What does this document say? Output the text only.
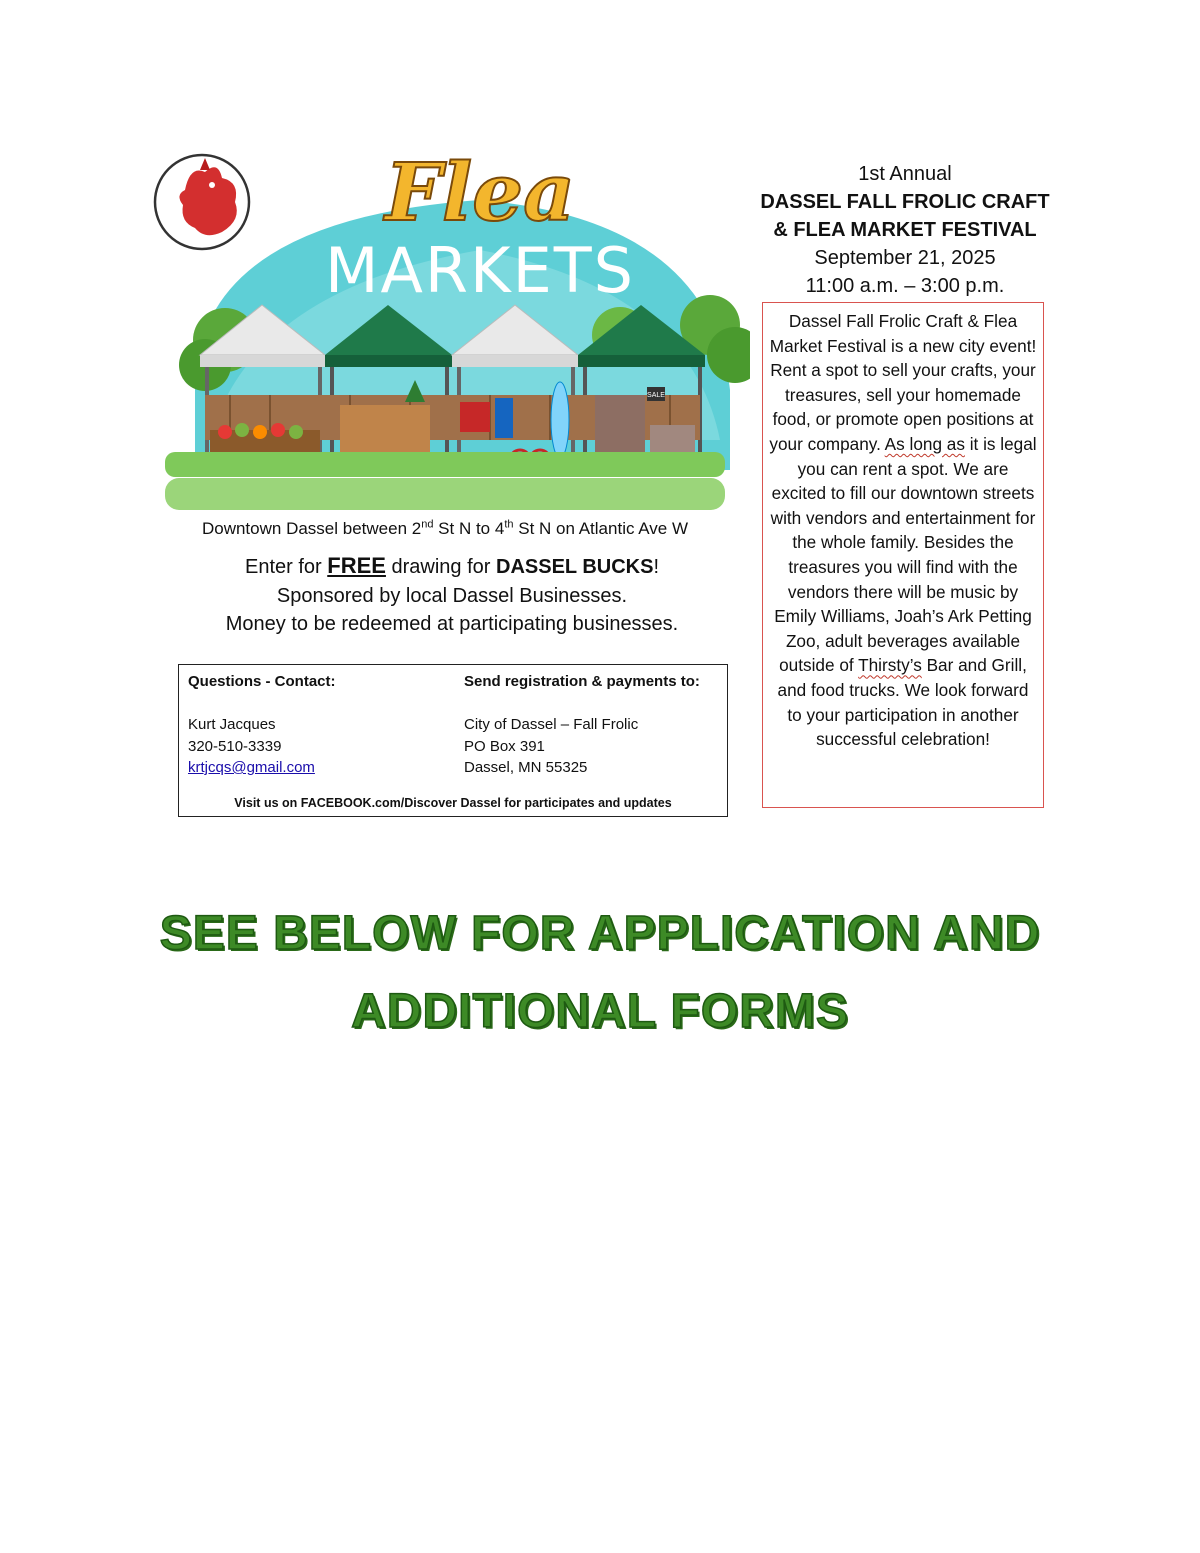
SALE
Flea
MARKETS
1st Annual
DASSEL FALL FROLIC CRAFT
& FLEA MARKET FESTIVAL
September 21, 2025
11:00 a.m. – 3:00 p.m.
Dassel Fall Frolic Craft & Flea Market Festival is a new city event! Rent a spot to sell your crafts, your treasures, sell your homemade food, or promote open positions at your company. As long as it is legal you can rent a spot. We are excited to fill our downtown streets with vendors and entertainment for the whole family. Besides the treasures you will find with the vendors there will be music by Emily Williams, Joah’s Ark Petting Zoo, adult beverages available outside of Thirsty’s Bar and Grill, and food trucks. We look forward to your participation in another successful celebration!
Downtown Dassel between 2nd St N to 4th St N on Atlantic Ave W
Enter for FREE drawing for DASSEL BUCKS!
Sponsored by local Dassel Businesses.
Money to be redeemed at participating businesses.
Questions - Contact:
Kurt Jacques
320-510-3339
krtjcqs@gmail.com
Send registration & payments to:
City of Dassel – Fall Frolic
PO Box 391
Dassel, MN 55325
Visit us on FACEBOOK.com/Discover Dassel for participates and updates
SEE BELOW FOR APPLICATION AND
ADDITIONAL FORMS
